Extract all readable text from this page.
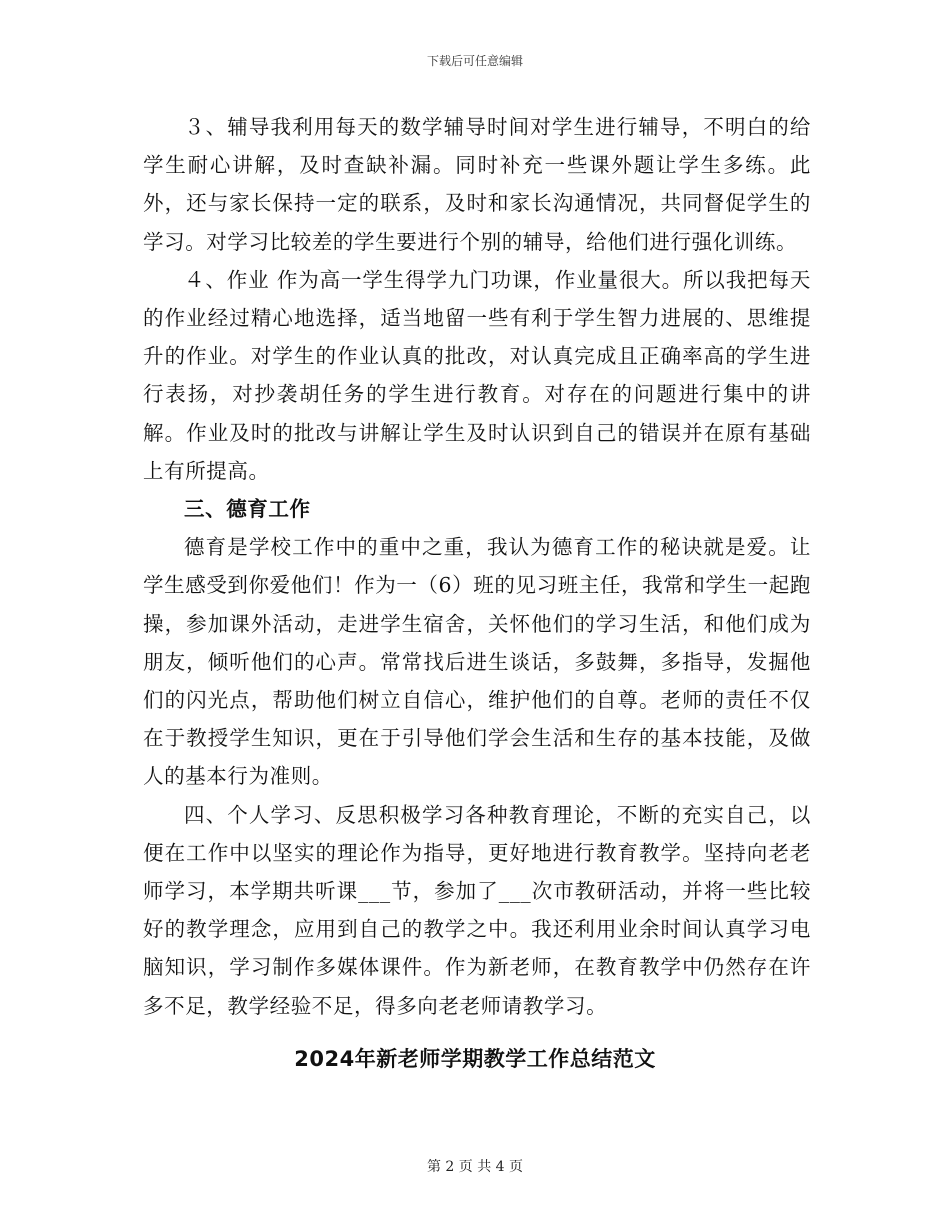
下载后可任意编辑

３、辅导我利用每天的数学辅导时间对学生进行辅导，不明白的给学生耐心讲解，及时查缺补漏。同时补充一些课外题让学生多练。此外，还与家长保持一定的联系，及时和家长沟通情况，共同督促学生的学习。对学习比较差的学生要进行个别的辅导，给他们进行强化训练。

４、作业 作为高一学生得学九门功课，作业量很大。所以我把每天的作业经过精心地选择，适当地留一些有利于学生智力进展的、思维提升的作业。对学生的作业认真的批改，对认真完成且正确率高的学生进行表扬，对抄袭胡任务的学生进行教育。对存在的问题进行集中的讲解。作业及时的批改与讲解让学生及时认识到自己的错误并在原有基础上有所提高。

三、德育工作

德育是学校工作中的重中之重，我认为德育工作的秘诀就是爱。让学生感受到你爱他们！作为一（6）班的见习班主任，我常和学生一起跑操，参加课外活动，走进学生宿舍，关怀他们的学习生活，和他们成为朋友，倾听他们的心声。常常找后进生谈话，多鼓舞，多指导，发掘他们的闪光点，帮助他们树立自信心，维护他们的自尊。老师的责任不仅在于教授学生知识，更在于引导他们学会生活和生存的基本技能，及做人的基本行为准则。

四、个人学习、反思积极学习各种教育理论，不断的充实自己，以便在工作中以坚实的理论作为指导，更好地进行教育教学。坚持向老老师学习，本学期共听课___节，参加了___次市教研活动，并将一些比较好的教学理念，应用到自己的教学之中。我还利用业余时间认真学习电脑知识，学习制作多媒体课件。作为新老师，在教育教学中仍然存在许多不足，教学经验不足，得多向老老师请教学习。

2024年新老师学期教学工作总结范文
第 2 页 共 4 页
